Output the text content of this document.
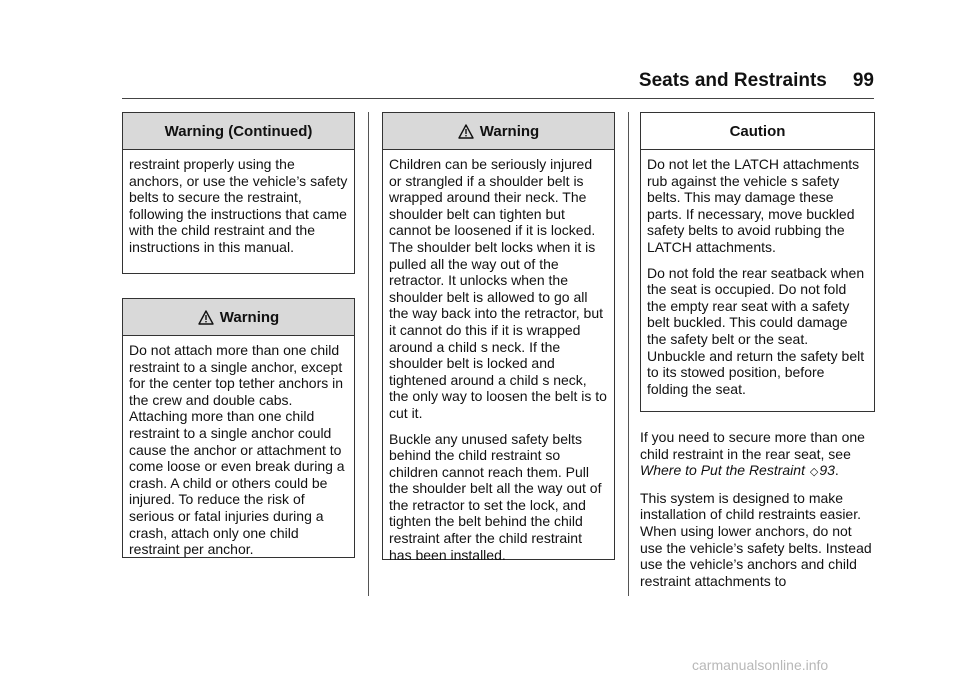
Seats and Restraints 99
Warning (Continued)

restraint properly using the anchors, or use the vehicle’s safety belts to secure the restraint, following the instructions that came with the child restraint and the instructions in this manual.

Warning

Do not attach more than one child restraint to a single anchor, except for the center top tether anchors in the crew and double cabs. Attaching more than one child restraint to a single anchor could cause the anchor or attachment to come loose or even break during a crash. A child or others could be injured. To reduce the risk of serious or fatal injuries during a crash, attach only one child restraint per anchor.

Warning

Children can be seriously injured or strangled if a shoulder belt is wrapped around their neck. The shoulder belt can tighten but cannot be loosened if it is locked. The shoulder belt locks when it is pulled all the way out of the retractor. It unlocks when the shoulder belt is allowed to go all the way back into the retractor, but it cannot do this if it is wrapped around a child s neck. If the shoulder belt is locked and tightened around a child s neck, the only way to loosen the belt is to cut it.

Buckle any unused safety belts behind the child restraint so children cannot reach them. Pull the shoulder belt all the way out of the retractor to set the lock, and tighten the belt behind the child restraint after the child restraint has been installed.

Caution

Do not let the LATCH attachments rub against the vehicle s safety belts. This may damage these parts. If necessary, move buckled safety belts to avoid rubbing the LATCH attachments.

Do not fold the rear seatback when the seat is occupied. Do not fold the empty rear seat with a safety belt buckled. This could damage the safety belt or the seat. Unbuckle and return the safety belt to its stowed position, before folding the seat.

If you need to secure more than one child restraint in the rear seat, see Where to Put the Restraint ◇93.

This system is designed to make installation of child restraints easier. When using lower anchors, do not use the vehicle’s safety belts. Instead use the vehicle’s anchors and child restraint attachments to

carmanualsonline.info
